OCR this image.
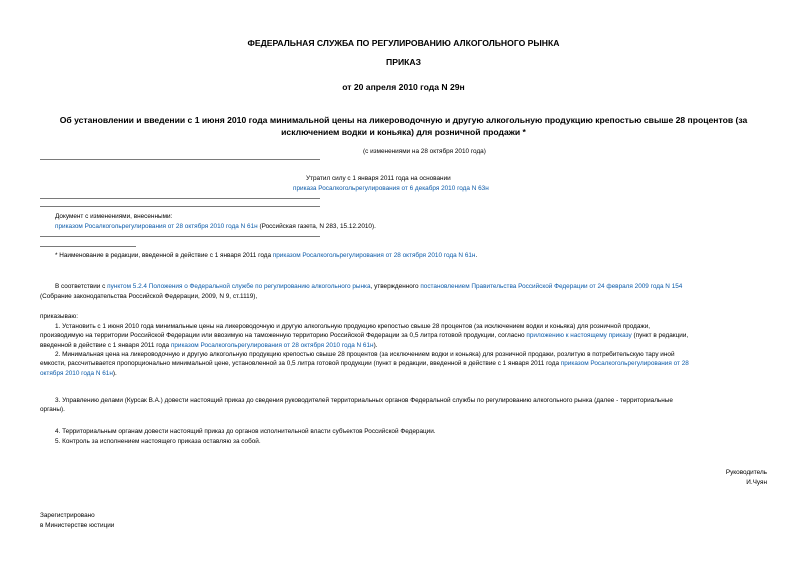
ФЕДЕРАЛЬНАЯ СЛУЖБА ПО РЕГУЛИРОВАНИЮ АЛКОГОЛЬНОГО РЫНКА
ПРИКАЗ
от 20 апреля 2010 года N 29н
Об установлении и введении с 1 июня 2010 года минимальной цены на ликероводочную и другую алкогольную продукцию крепостью свыше 28 процентов (за
исключением водки и коньяка) для розничной продажи *
(с изменениями на 28 октября 2010 года)
Утратил силу с 1 января 2011 года на основании
приказа Росалкогольрегулирования от 6 декабря 2010 года N 63н
Документ с изменениями, внесенными:
приказом Росалкогольрегулирования от 28 октября 2010 года N 61н (Российская газета, N 283, 15.12.2010).
* Наименование в редакции, введенной в действие с 1 января 2011 года приказом Росалкогольрегулирования от 28 октября 2010 года N 61н.
В соответствии с пунктом 5.2.4 Положения о Федеральной службе по регулированию алкогольного рынка, утвержденного постановлением Правительства Российской Федерации от 24 февраля 2009 года N 154
(Собрание законодательства Российской Федерации, 2009, N 9, ст.1119),
приказываю:
1. Установить с 1 июня 2010 года минимальные цены на ликероводочную и другую алкогольную продукцию крепостью свыше 28 процентов (за исключением водки и коньяка) для розничной продажи,
производимую на территории Российской Федерации или ввозимую на таможенную территорию Российской Федерации за 0,5 литра готовой продукции, согласно приложению к настоящему приказу (пункт в редакции,
введенной в действие с 1 января 2011 года приказом Росалкогольрегулирования от 28 октября 2010 года N 61н).
2. Минимальная цена на ликероводочную и другую алкогольную продукцию крепостью свыше 28 процентов (за исключением водки и коньяка) для розничной продажи, розлитую в потребительскую тару иной
емкости, рассчитывается пропорционально минимальной цене, установленной за 0,5 литра готовой продукции (пункт в редакции, введенной в действие с 1 января 2011 года приказом Росалкогольрегулирования от 28
октября 2010 года N 61н).
3. Управлению делами (Курсак В.А.) довести настоящий приказ до сведения руководителей территориальных органов Федеральной службы по регулированию алкогольного рынка (далее - территориальные
органы).
4. Территориальным органам довести настоящий приказ до органов исполнительной власти субъектов Российской Федерации.
5. Контроль за исполнением настоящего приказа оставляю за собой.
Руководитель
И.Чуян
Зарегистрировано
в Министерстве юстиции
